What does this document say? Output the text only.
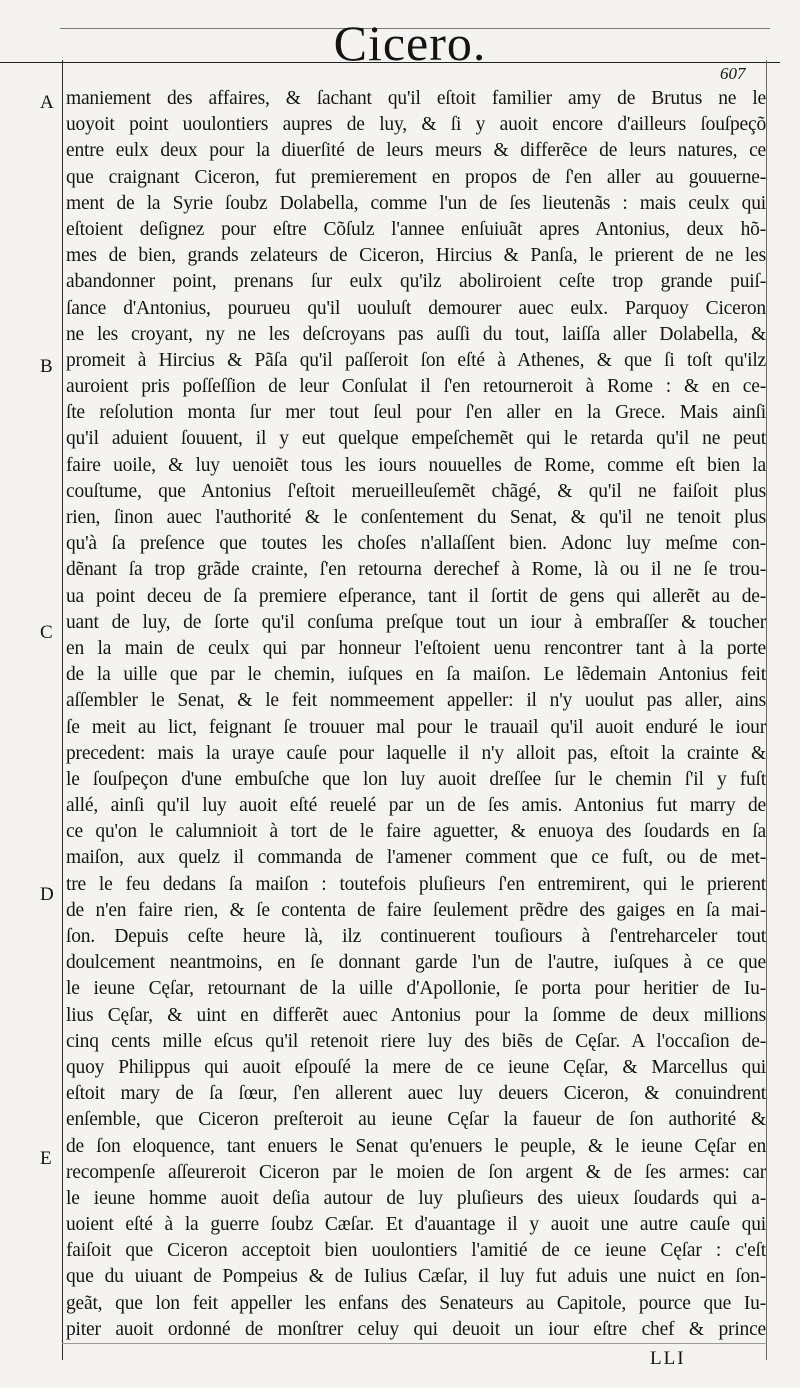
Cicero.
607
A
B
C
D
E
maniement des affaires, & ſachant qu'il eſtoit familier amy de Brutus ne le
uoyoit point uoulontiers aupres de luy, & ſi y auoit encore d'ailleurs ſouſpeçõ
entre eulx deux pour la diuerſité de leurs meurs & differẽce de leurs natures, ce
que craignant Ciceron, fut premierement en propos de ſ'en aller au gouuerne-
ment de la Syrie ſoubz Dolabella, comme l'un de ſes lieutenãs : mais ceulx qui
eſtoient deſignez pour eſtre Cõſulz l'annee enſuiuãt apres Antonius, deux hõ-
mes de bien, grands zelateurs de Ciceron, Hircius & Panſa, le prierent de ne les
abandonner point, prenans ſur eulx qu'ilz aboliroient ceſte trop grande puiſ-
ſance d'Antonius, pourueu qu'il uouluſt demourer auec eulx. Parquoy Ciceron
ne les croyant, ny ne les deſcroyans pas auſſi du tout, laiſſa aller Dolabella, &
promeit à Hircius & Pãſa qu'il paſſeroit ſon eſté à Athenes, & que ſi toſt qu'ilz
auroient pris poſſeſſion de leur Conſulat il ſ'en retourneroit à Rome : & en ce-
ſte reſolution monta ſur mer tout ſeul pour ſ'en aller en la Grece. Mais ainſi
qu'il aduient ſouuent, il y eut quelque empeſchemẽt qui le retarda qu'il ne peut
faire uoile, & luy uenoiẽt tous les iours nouuelles de Rome, comme eſt bien la
couſtume, que Antonius ſ'eſtoit merueilleuſemẽt chãgé, & qu'il ne faiſoit plus
rien, ſinon auec l'authorité & le conſentement du Senat, & qu'il ne tenoit plus
qu'à ſa preſence que toutes les choſes n'allaſſent bien. Adonc luy meſme con-
dẽnant ſa trop grãde crainte, ſ'en retourna derechef à Rome, là ou il ne ſe trou-
ua point deceu de ſa premiere eſperance, tant il ſortit de gens qui allerẽt au de-
uant de luy, de ſorte qu'il conſuma preſque tout un iour à embraſſer & toucher
en la main de ceulx qui par honneur l'eſtoient uenu rencontrer tant à la porte
de la uille que par le chemin, iuſques en ſa maiſon. Le lẽdemain Antonius feit
aſſembler le Senat, & le feit nommeement appeller: il n'y uoulut pas aller, ains
ſe meit au lict, feignant ſe trouuer mal pour le trauail qu'il auoit enduré le iour
precedent: mais la uraye cauſe pour laquelle il n'y alloit pas, eſtoit la crainte &
le ſouſpeçon d'une embuſche que lon luy auoit dreſſee ſur le chemin ſ'il y fuſt
allé, ainſi qu'il luy auoit eſté reuelé par un de ſes amis. Antonius fut marry de
ce qu'on le calumnioit à tort de le faire aguetter, & enuoya des ſoudards en ſa
maiſon, aux quelz il commanda de l'amener comment que ce fuſt, ou de met-
tre le feu dedans ſa maiſon : toutefois pluſieurs ſ'en entremirent, qui le prierent
de n'en faire rien, & ſe contenta de faire ſeulement prẽdre des gaiges en ſa mai-
ſon. Depuis ceſte heure là, ilz continuerent touſiours à ſ'entreharceler tout
doulcement neantmoins, en ſe donnant garde l'un de l'autre, iuſques à ce que
le ieune Cęſar, retournant de la uille d'Apollonie, ſe porta pour heritier de Iu-
lius Cęſar, & uint en differẽt auec Antonius pour la ſomme de deux millions
cinq cents mille eſcus qu'il retenoit riere luy des biẽs de Cęſar. A l'occaſion de-
quoy Philippus qui auoit eſpouſé la mere de ce ieune Cęſar, & Marcellus qui
eſtoit mary de ſa ſœur, ſ'en allerent auec luy deuers Ciceron, & conuindrent
enſemble, que Ciceron preſteroit au ieune Cęſar la faueur de ſon authorité &
de ſon eloquence, tant enuers le Senat qu'enuers le peuple, & le ieune Cęſar en
recompenſe aſſeureroit Ciceron par le moien de ſon argent & de ſes armes: car
le ieune homme auoit deſia autour de luy pluſieurs des uieux ſoudards qui a-
uoient eſté à la guerre ſoubz Cæſar. Et d'auantage il y auoit une autre cauſe qui
faiſoit que Ciceron acceptoit bien uoulontiers l'amitié de ce ieune Cęſar : c'eſt
que du uiuant de Pompeius & de Iulius Cæſar, il luy fut aduis une nuict en ſon-
geãt, que lon feit appeller les enfans des Senateurs au Capitole, pource que Iu-
piter auoit ordonné de monſtrer celuy qui deuoit un iour eſtre chef & prince
LLI
